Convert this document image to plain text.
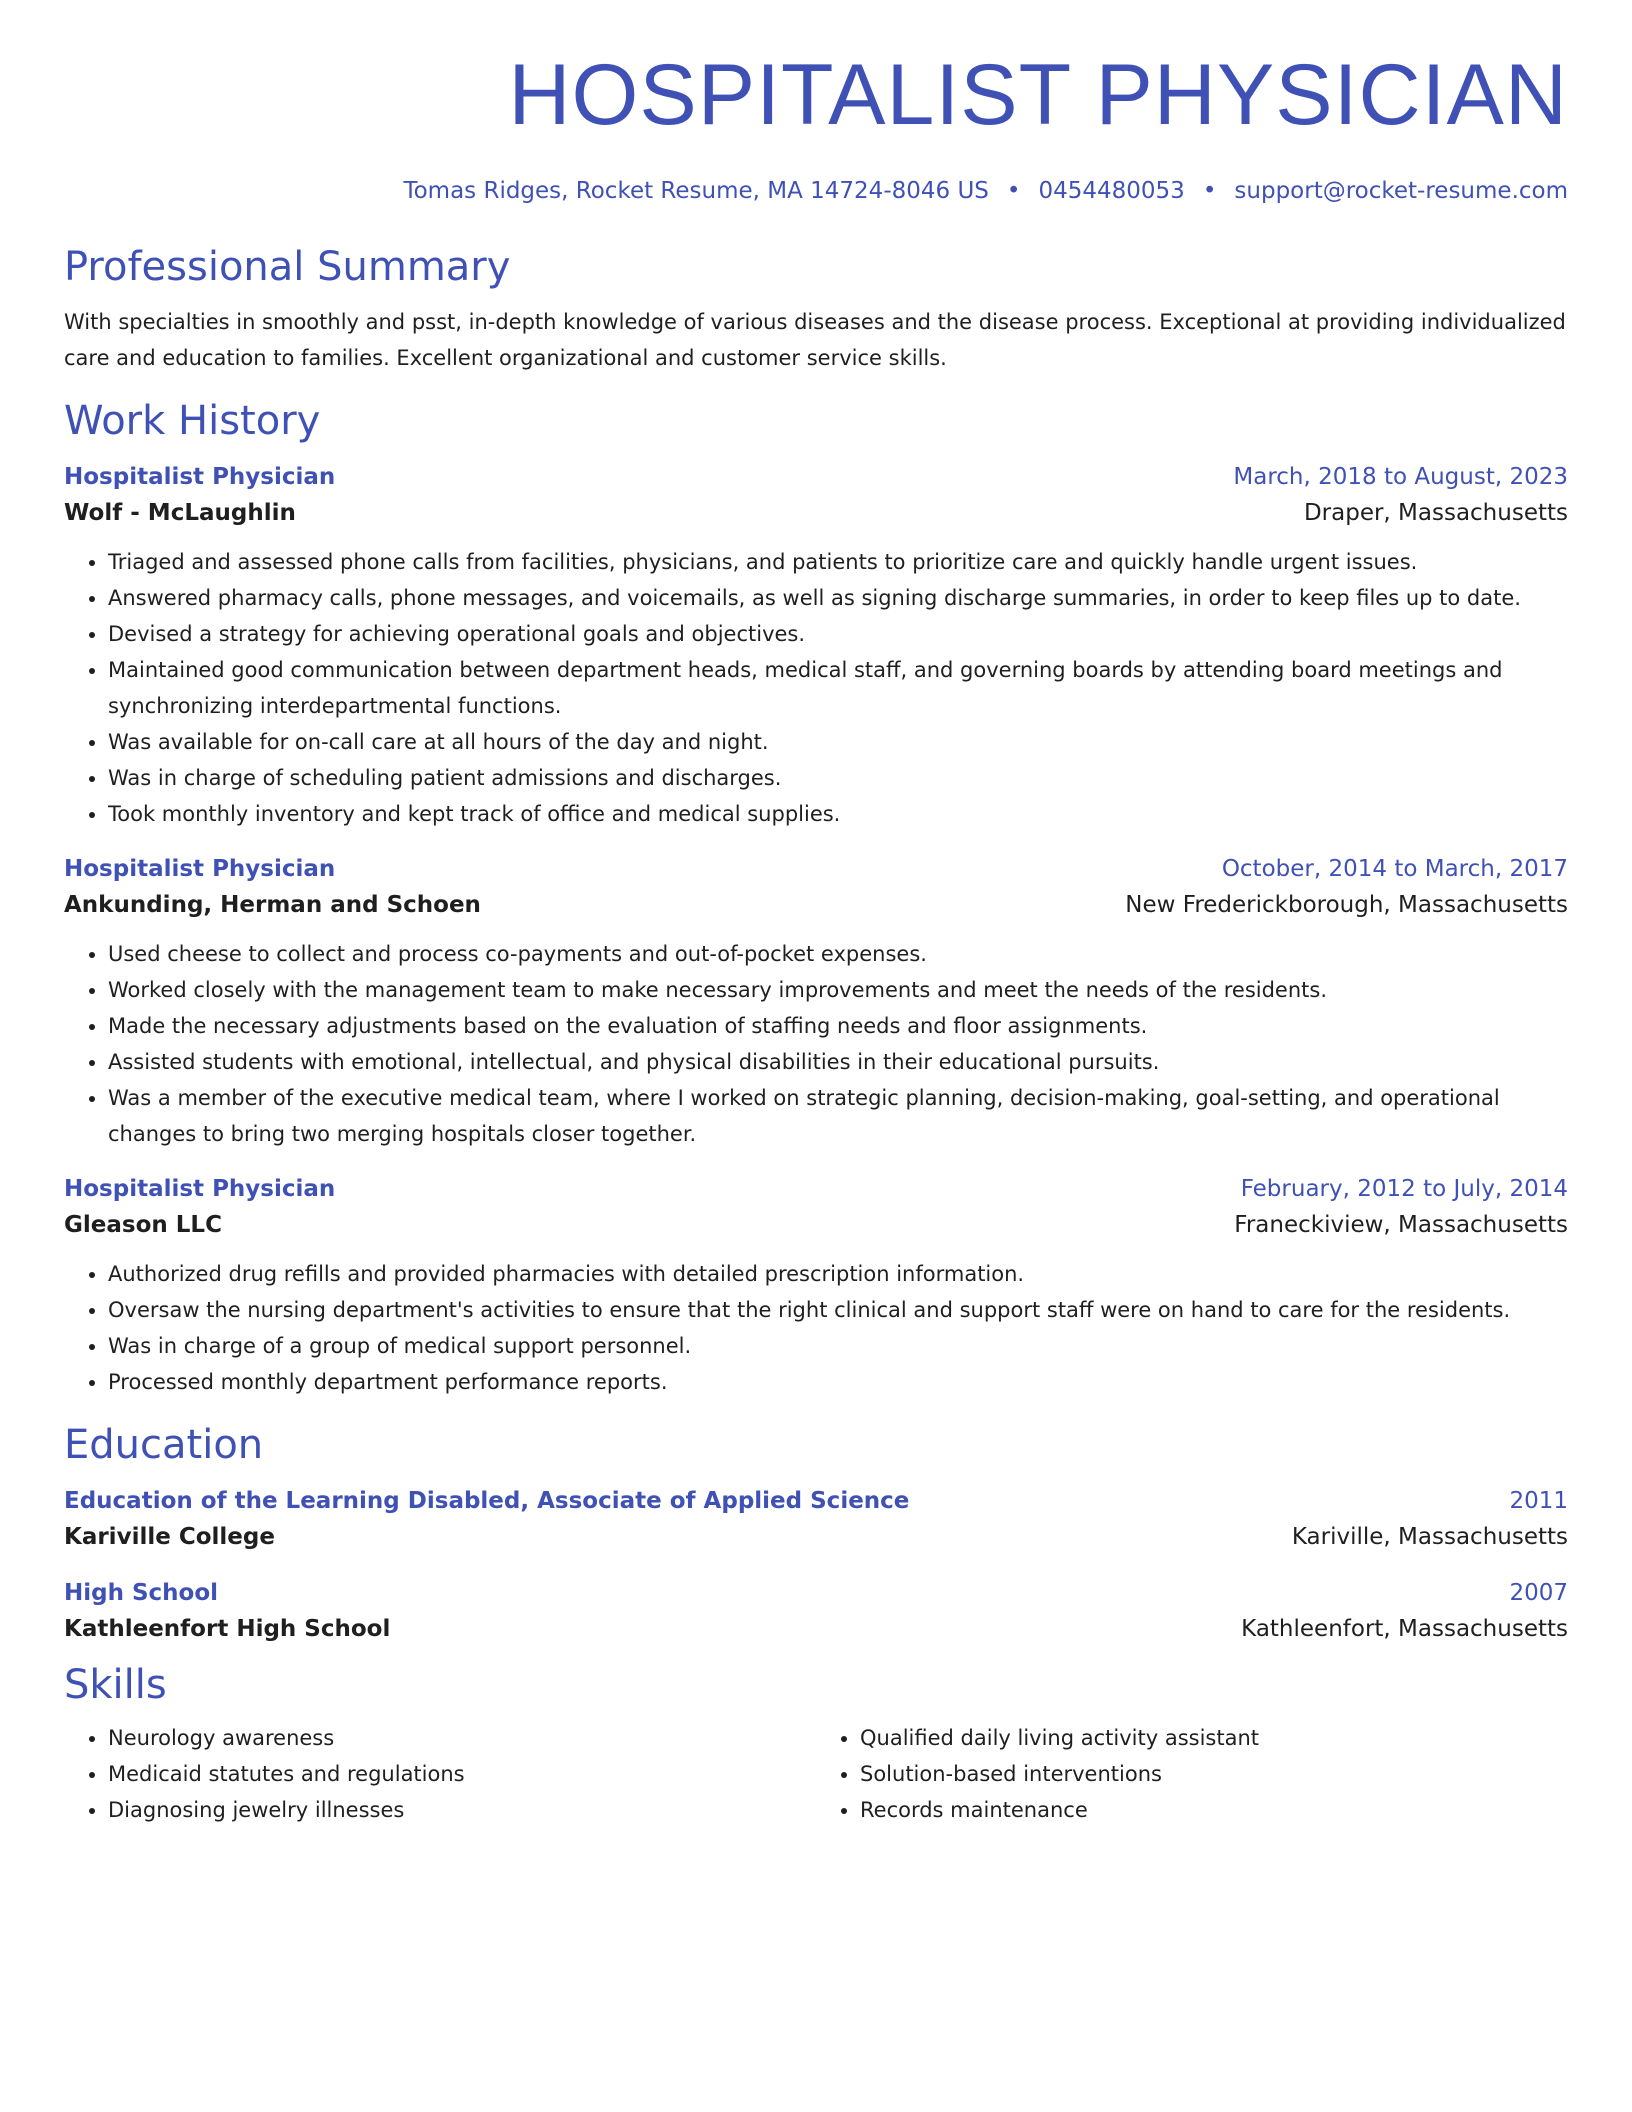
HOSPITALIST PHYSICIAN
Tomas Ridges, Rocket Resume, MA 14724-8046 US • 0454480053 • support@rocket-resume.com
Professional Summary

With specialties in smoothly and psst, in-depth knowledge of various diseases and the disease process. Exceptional at providing individualized care and education to families. Excellent organizational and customer service skills.

Work History
Hospitalist Physician	March, 2018 to August, 2023
Wolf - McLaughlin	Draper, Massachusetts
• Triaged and assessed phone calls from facilities, physicians, and patients to prioritize care and quickly handle urgent issues.
• Answered pharmacy calls, phone messages, and voicemails, as well as signing discharge summaries, in order to keep files up to date.
• Devised a strategy for achieving operational goals and objectives.
• Maintained good communication between department heads, medical staff, and governing boards by attending board meetings and synchronizing interdepartmental functions.
• Was available for on-call care at all hours of the day and night.
• Was in charge of scheduling patient admissions and discharges.
• Took monthly inventory and kept track of office and medical supplies.
Hospitalist Physician	October, 2014 to March, 2017
Ankunding, Herman and Schoen	New Frederickborough, Massachusetts
• Used cheese to collect and process co-payments and out-of-pocket expenses.
• Worked closely with the management team to make necessary improvements and meet the needs of the residents.
• Made the necessary adjustments based on the evaluation of staffing needs and floor assignments.
• Assisted students with emotional, intellectual, and physical disabilities in their educational pursuits.
• Was a member of the executive medical team, where I worked on strategic planning, decision-making, goal-setting, and operational changes to bring two merging hospitals closer together.
Hospitalist Physician	February, 2012 to July, 2014
Gleason LLC	Franeckiview, Massachusetts
• Authorized drug refills and provided pharmacies with detailed prescription information.
• Oversaw the nursing department's activities to ensure that the right clinical and support staff were on hand to care for the residents.
• Was in charge of a group of medical support personnel.
• Processed monthly department performance reports.
Education
Education of the Learning Disabled, Associate of Applied Science	2011
Kariville College	Kariville, Massachusetts
High School	2007
Kathleenfort High School	Kathleenfort, Massachusetts
Skills
• Neurology awareness
• Medicaid statutes and regulations
• Diagnosing jewelry illnesses
• Qualified daily living activity assistant
• Solution-based interventions
• Records maintenance
